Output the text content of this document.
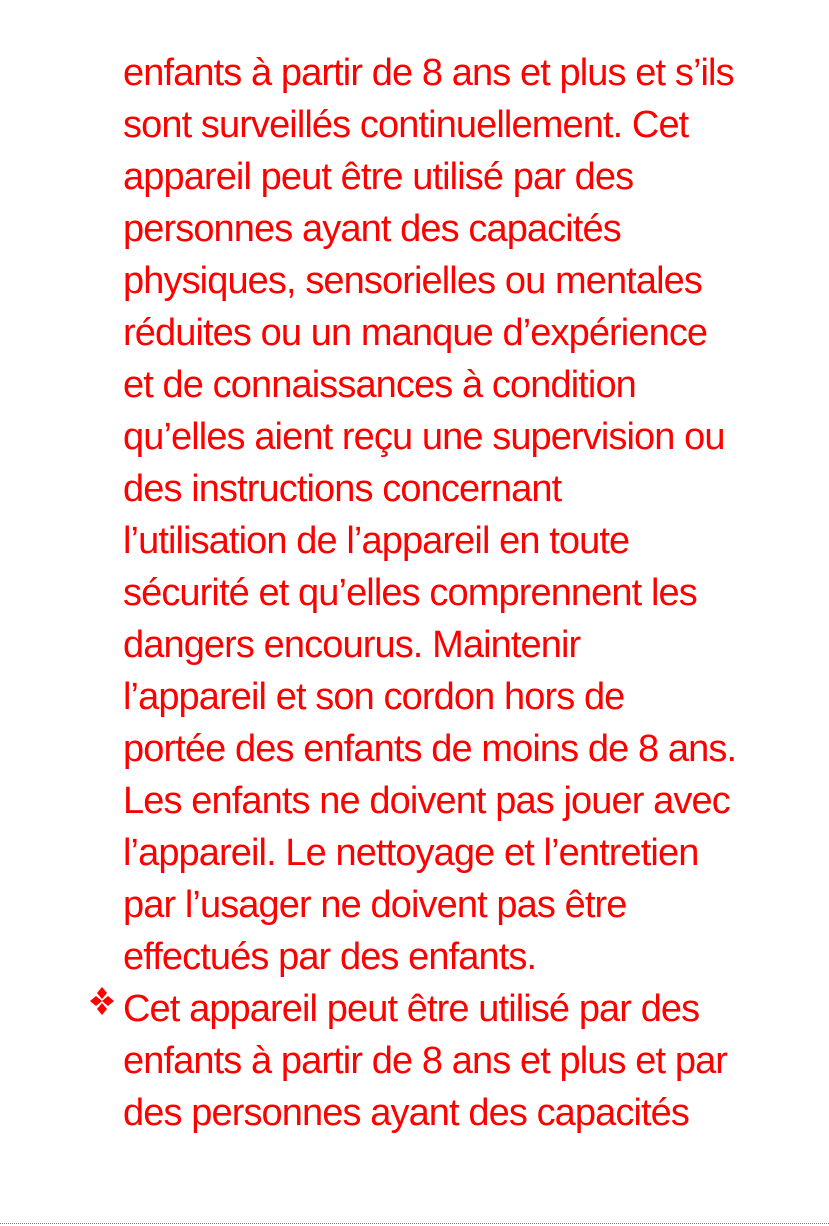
enfants à partir de 8 ans et plus et s’ils
sont surveillés continuellement. Cet
appareil peut être utilisé par des
personnes ayant des capacités
physiques, sensorielles ou mentales
réduites ou un manque d’expérience
et de connaissances à condition
qu’elles aient reçu une supervision ou
des instructions concernant
l’utilisation de l’appareil en toute
sécurité et qu’elles comprennent les
dangers encourus. Maintenir
l’appareil et son cordon hors de
portée des enfants de moins de 8 ans.
Les enfants ne doivent pas jouer avec
l’appareil. Le nettoyage et l’entretien
par l’usager ne doivent pas être
effectués par des enfants.
Cet appareil peut être utilisé par des
enfants à partir de 8 ans et plus et par
des personnes ayant des capacités
